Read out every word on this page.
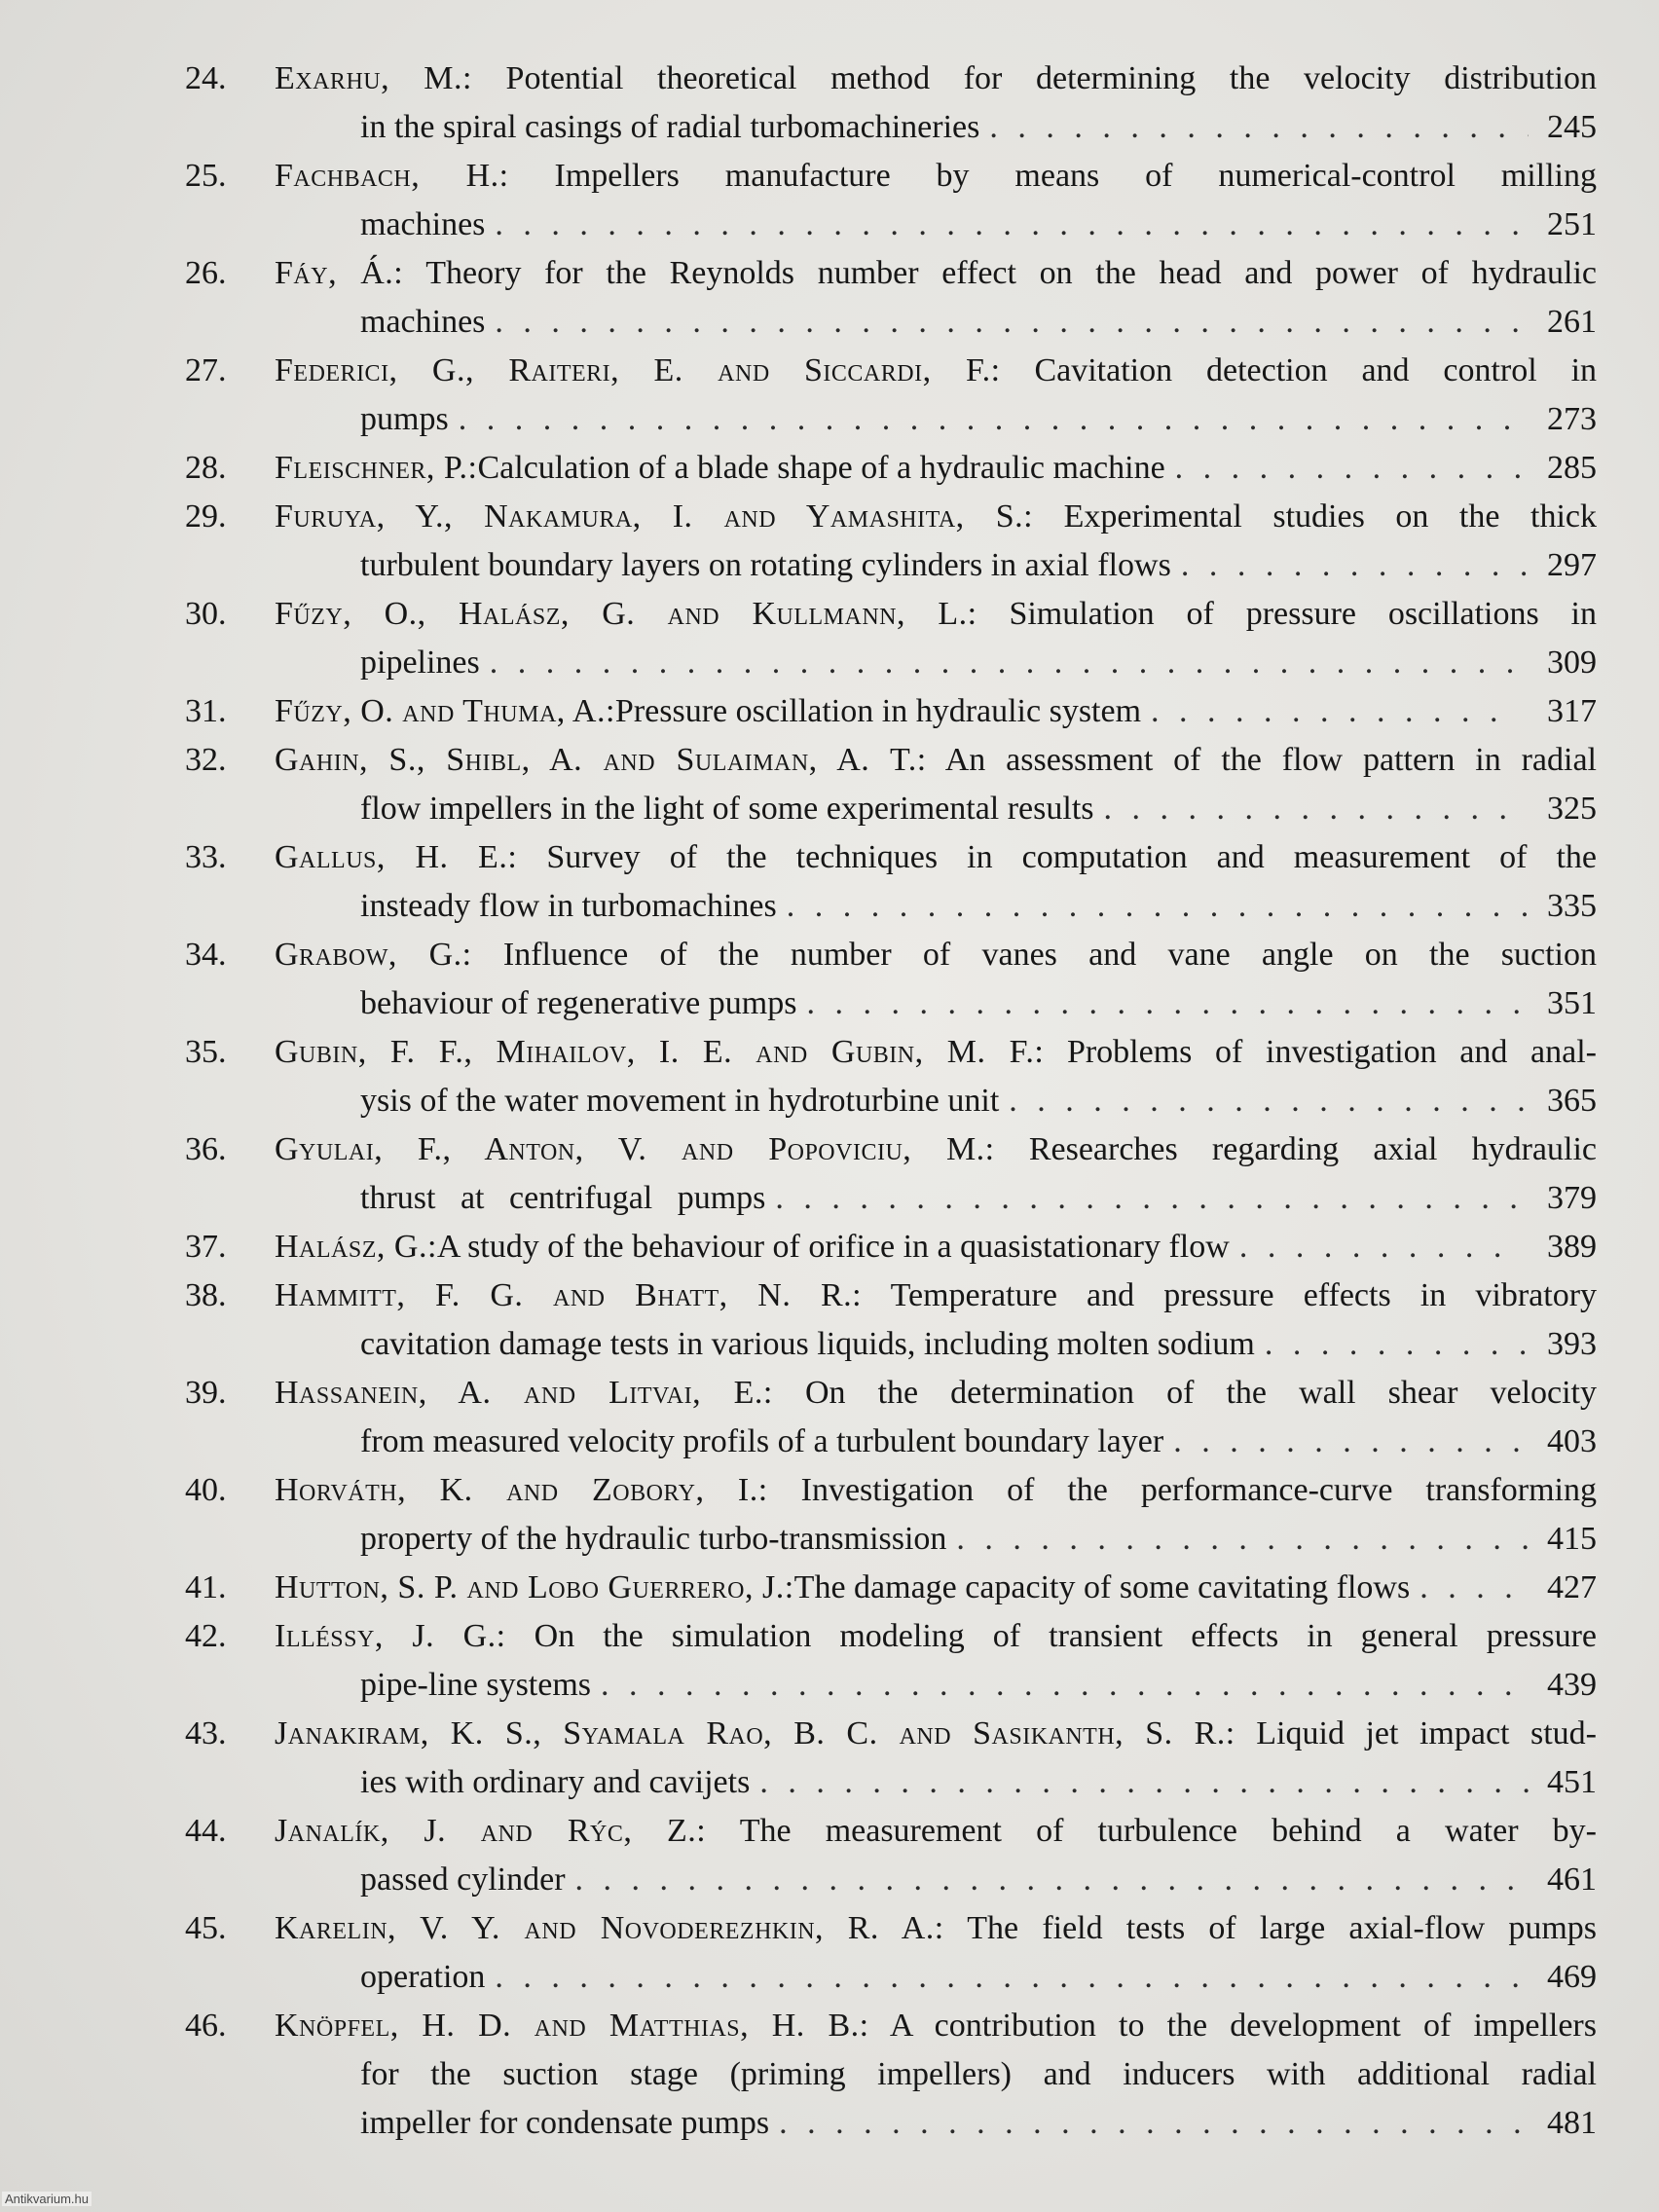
24.	Exarhu, M.: Potential theoretical method for determining the velocity distribution
in the spiral casings of radial turbomachineries . . .	245
25.	Fachbach, H.: Impellers manufacture by means of numerical-control milling
machines . . .	251
26.	Fáy, Á.: Theory for the Reynolds number effect on the head and power of hydraulic
machines . . .	261
27.	Federici, G., Raiteri, E. and Siccardi, F.: Cavitation detection and control in
pumps . . .	273
28.	Fleischner, P.: Calculation of a blade shape of a hydraulic machine . . .	285
29.	Furuya, Y., Nakamura, I. and Yamashita, S.: Experimental studies on the thick
turbulent boundary layers on rotating cylinders in axial flows . . .	297
30.	Fűzy, O., Halász, G. and Kullmann, L.: Simulation of pressure oscillations in
pipelines . . .	309
31.	Fűzy, O. and Thuma, A.: Pressure oscillation in hydraulic system . . .	317
32.	Gahin, S., Shibl, A. and Sulaiman, A. T.: An assessment of the flow pattern in radial
flow impellers in the light of some experimental results . . .	325
33.	Gallus, H. E.: Survey of the techniques in computation and measurement of the
insteady flow in turbomachines . . .	335
34.	Grabow, G.: Influence of the number of vanes and vane angle on the suction
behaviour of regenerative pumps . . .	351
35.	Gubin, F. F., Mihailov, I. E. and Gubin, M. F.: Problems of investigation and anal-
ysis of the water movement in hydroturbine unit . . .	365
36.	Gyulai, F., Anton, V. and Popoviciu, M.: Researches regarding axial hydraulic
thrust   at   centrifugal   pumps . . .	379
37.	Halász, G.: A study of the behaviour of orifice in a quasistationary flow . . .	389
38.	Hammitt, F. G. and Bhatt, N. R.: Temperature and pressure effects in vibratory
cavitation damage tests in various liquids, including molten sodium . . .	393
39.	Hassanein, A. and Litvai, E.: On the determination of the wall shear velocity
from measured velocity profils of a turbulent boundary layer . . .	403
40.	Horváth, K. and Zobory, I.: Investigation of the performance-curve transforming
property of the hydraulic turbo-transmission . . .	415
41.	Hutton, S. P. and Lobo Guerrero, J.: The damage capacity of some cavitating flows . . .	427
42.	Illéssy, J. G.: On the simulation modeling of transient effects in general pressure
pipe-line systems . . .	439
43.	Janakiram, K. S., Syamala Rao, B. C. and Sasikanth, S. R.: Liquid jet impact stud-
ies with ordinary and cavijets . . .	451
44.	Janalík, J. and Rýc, Z.: The measurement of turbulence behind a water by-
passed cylinder . . .	461
45.	Karelin, V. Y. and Novoderezhkin, R. A.: The field tests of large axial-flow pumps
operation . . .	469
46.	Knöpfel, H. D. and Matthias, H. B.: A contribution to the development of impellers
for the suction stage (priming impellers) and inducers with additional radial
impeller for condensate pumps . . .	481
Antikvarium.hu
